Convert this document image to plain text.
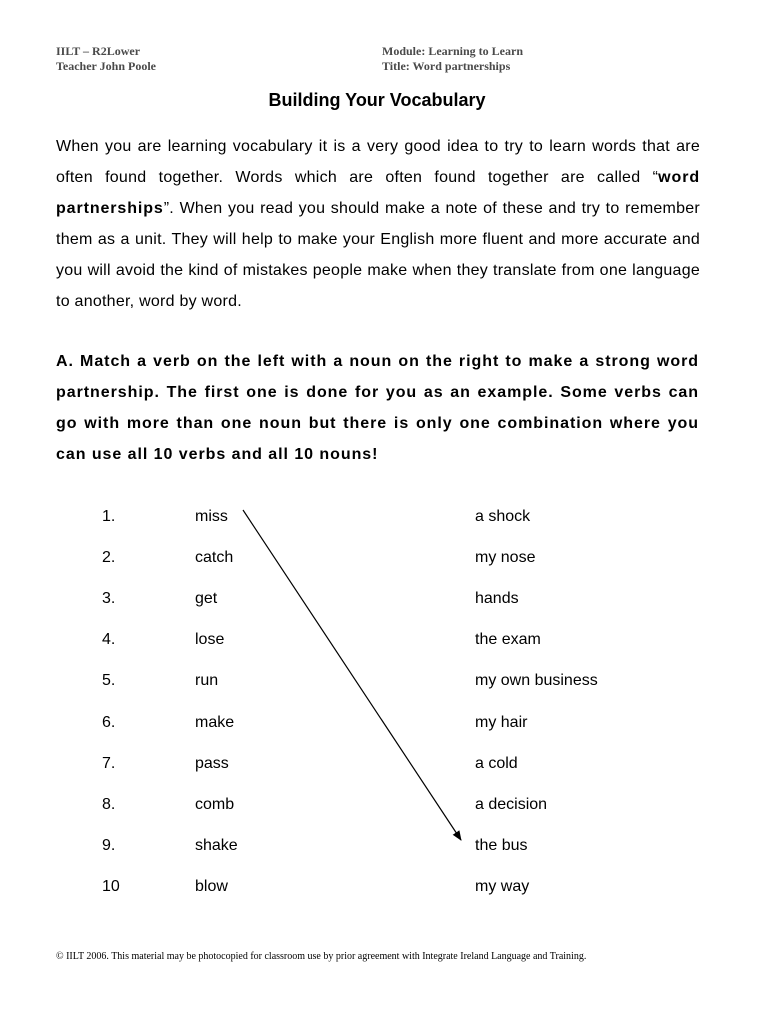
IILT – R2Lower
Teacher John Poole
Module: Learning to Learn
Title: Word partnerships
Building Your Vocabulary
When you are learning vocabulary it is a very good idea to try to learn words that are often found together. Words which are often found together are called “word partnerships”. When you read you should make a note of these and try to remember them as a unit. They will help to make your English more fluent and more accurate and you will avoid the kind of mistakes people make when they translate from one language to another, word by word.
A. Match a verb on the left with a noun on the right to make a strong word partnership. The first one is done for you as an example. Some verbs can go with more than one noun but there is only one combination where you can use all 10 verbs and all 10 nouns!
1.	miss	a shock
2.	catch	my nose
3.	get	hands
4.	lose	the exam
5.	run	my own business
6.	make	my hair
7.	pass	a cold
8.	comb	a decision
9.	shake	the bus
10	blow	my way
© IILT 2006. This material may be photocopied for classroom use by prior agreement with Integrate Ireland Language and Training.
